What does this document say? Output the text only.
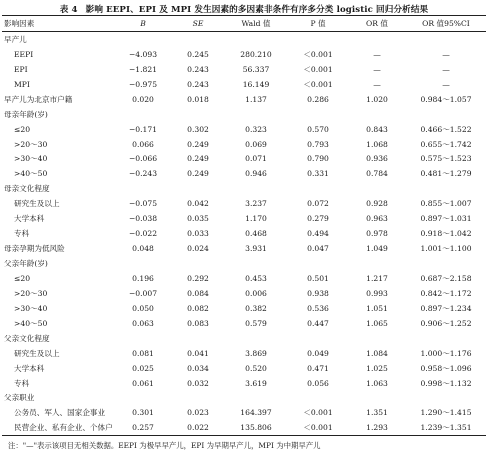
表 4 影响 EEPI、EPI 及 MPI 发生因素的多因素非条件有序多分类 logistic 回归分析结果
影响因素	B	SE	Wald 值	P 值	OR 值	OR 值95%CI
早产儿						
EEPI	−4.093	0.245	280.210	＜0.001	—	—
EPI	−1.821	0.243	56.337	＜0.001	—	—
MPI	−0.975	0.243	16.149	＜0.001	—	—
早产儿为北京市户籍	0.020	0.018	1.137	0.286	1.020	0.984～1.057
母亲年龄(岁)						
≤20	−0.171	0.302	0.323	0.570	0.843	0.466～1.522
>20～30	0.066	0.249	0.069	0.793	1.068	0.655～1.742
>30～40	−0.066	0.249	0.071	0.790	0.936	0.575～1.523
>40～50	−0.243	0.249	0.946	0.331	0.784	0.481～1.279
母亲文化程度						
研究生及以上	−0.075	0.042	3.237	0.072	0.928	0.855～1.007
大学本科	−0.038	0.035	1.170	0.279	0.963	0.897～1.031
专科	−0.022	0.033	0.468	0.494	0.978	0.918～1.042
母亲孕期为低风险	0.048	0.024	3.931	0.047	1.049	1.001～1.100
父亲年龄(岁)						
≤20	0.196	0.292	0.453	0.501	1.217	0.687～2.158
>20～30	−0.007	0.084	0.006	0.938	0.993	0.842～1.172
>30～40	0.050	0.082	0.382	0.536	1.051	0.897～1.234
>40～50	0.063	0.083	0.579	0.447	1.065	0.906～1.252
父亲文化程度						
研究生及以上	0.081	0.041	3.869	0.049	1.084	1.000～1.176
大学本科	0.025	0.034	0.520	0.471	1.025	0.958～1.096
专科	0.061	0.032	3.619	0.056	1.063	0.998～1.132
父亲职业						
公务员、军人、国家企事业	0.301	0.023	164.397	＜0.001	1.351	1.290～1.415
民营企业、私有企业、个体户	0.257	0.022	135.806	＜0.001	1.293	1.239～1.351
注："—"表示该项目无相关数据。EEPI 为极早早产儿，EPI 为早期早产儿，MPI 为中期早产儿
